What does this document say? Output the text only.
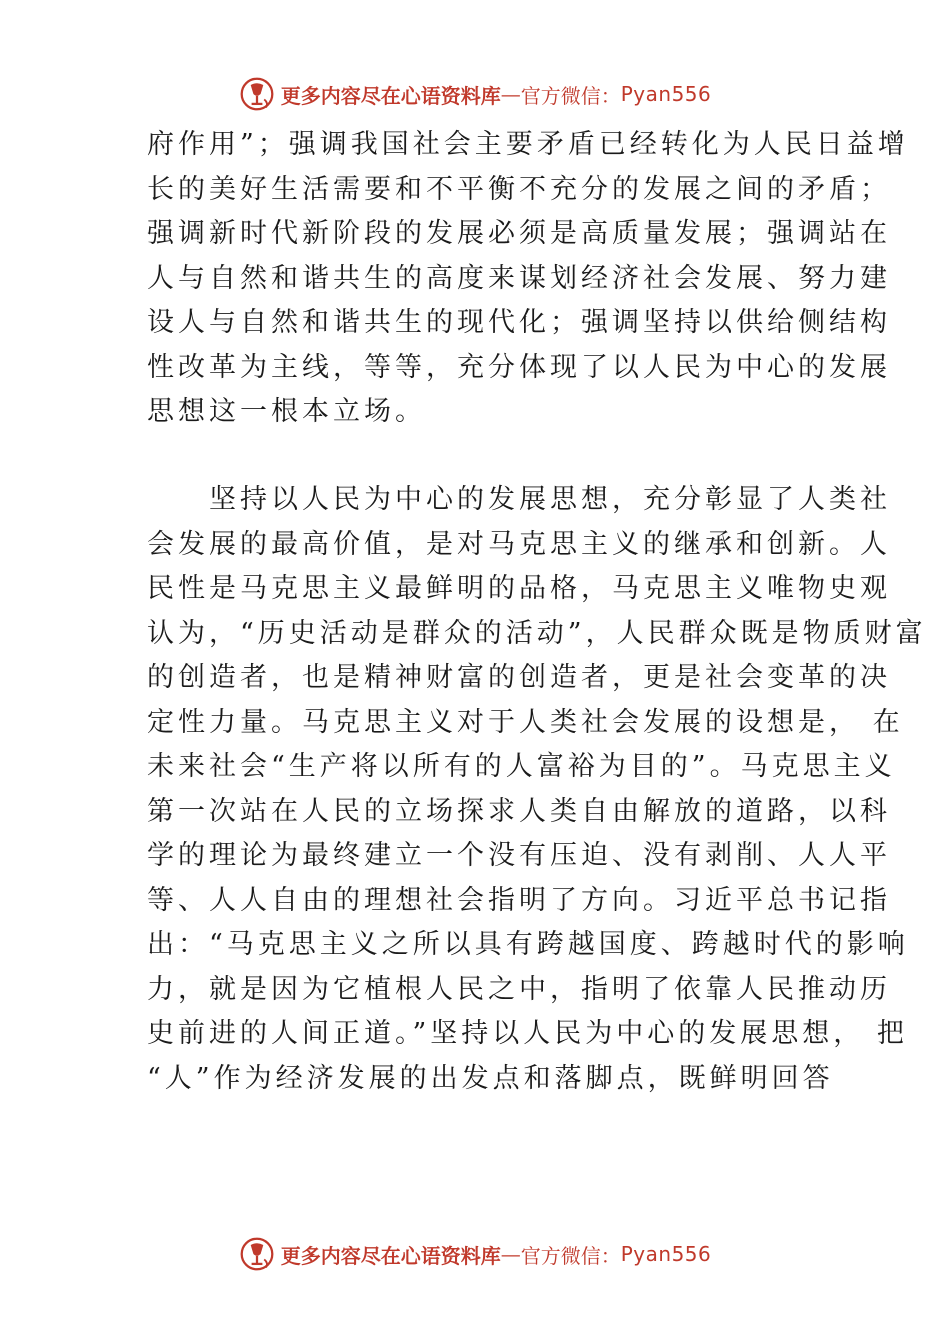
更多内容尽在心语资料库 — 官方微信： Pyan556
府作用”；强调我国社会主要矛盾已经转化为人民日益增
长的美好生活需要和不平衡不充分的发展之间的矛盾；
强调新时代新阶段的发展必须是高质量发展；强调站在
人与自然和谐共生的高度来谋划经济社会发展、努力建
设人与自然和谐共生的现代化；强调坚持以供给侧结构
性改革为主线，等等，充分体现了以人民为中心的发展
思想这一根本立场。
　　坚持以人民为中心的发展思想，充分彰显了人类社
会发展的最高价值，是对马克思主义的继承和创新。人
民性是马克思主义最鲜明的品格，马克思主义唯物史观
认为，“历史活动是群众的活动”，人民群众既是物质财富
的创造者，也是精神财富的创造者，更是社会变革的决
定性力量。马克思主义对于人类社会发展的设想是， 在
未来社会“生产将以所有的人富裕为目的”。马克思主义
第一次站在人民的立场探求人类自由解放的道路，以科
学的理论为最终建立一个没有压迫、没有剥削、人人平
等、人人自由的理想社会指明了方向。习近平总书记指
出：“马克思主义之所以具有跨越国度、跨越时代的影响
力，就是因为它植根人民之中，指明了依靠人民推动历
史前进的人间正道。”坚持以人民为中心的发展思想， 把
“人”作为经济发展的出发点和落脚点，既鲜明回答
更多内容尽在心语资料库 — 官方微信： Pyan556
